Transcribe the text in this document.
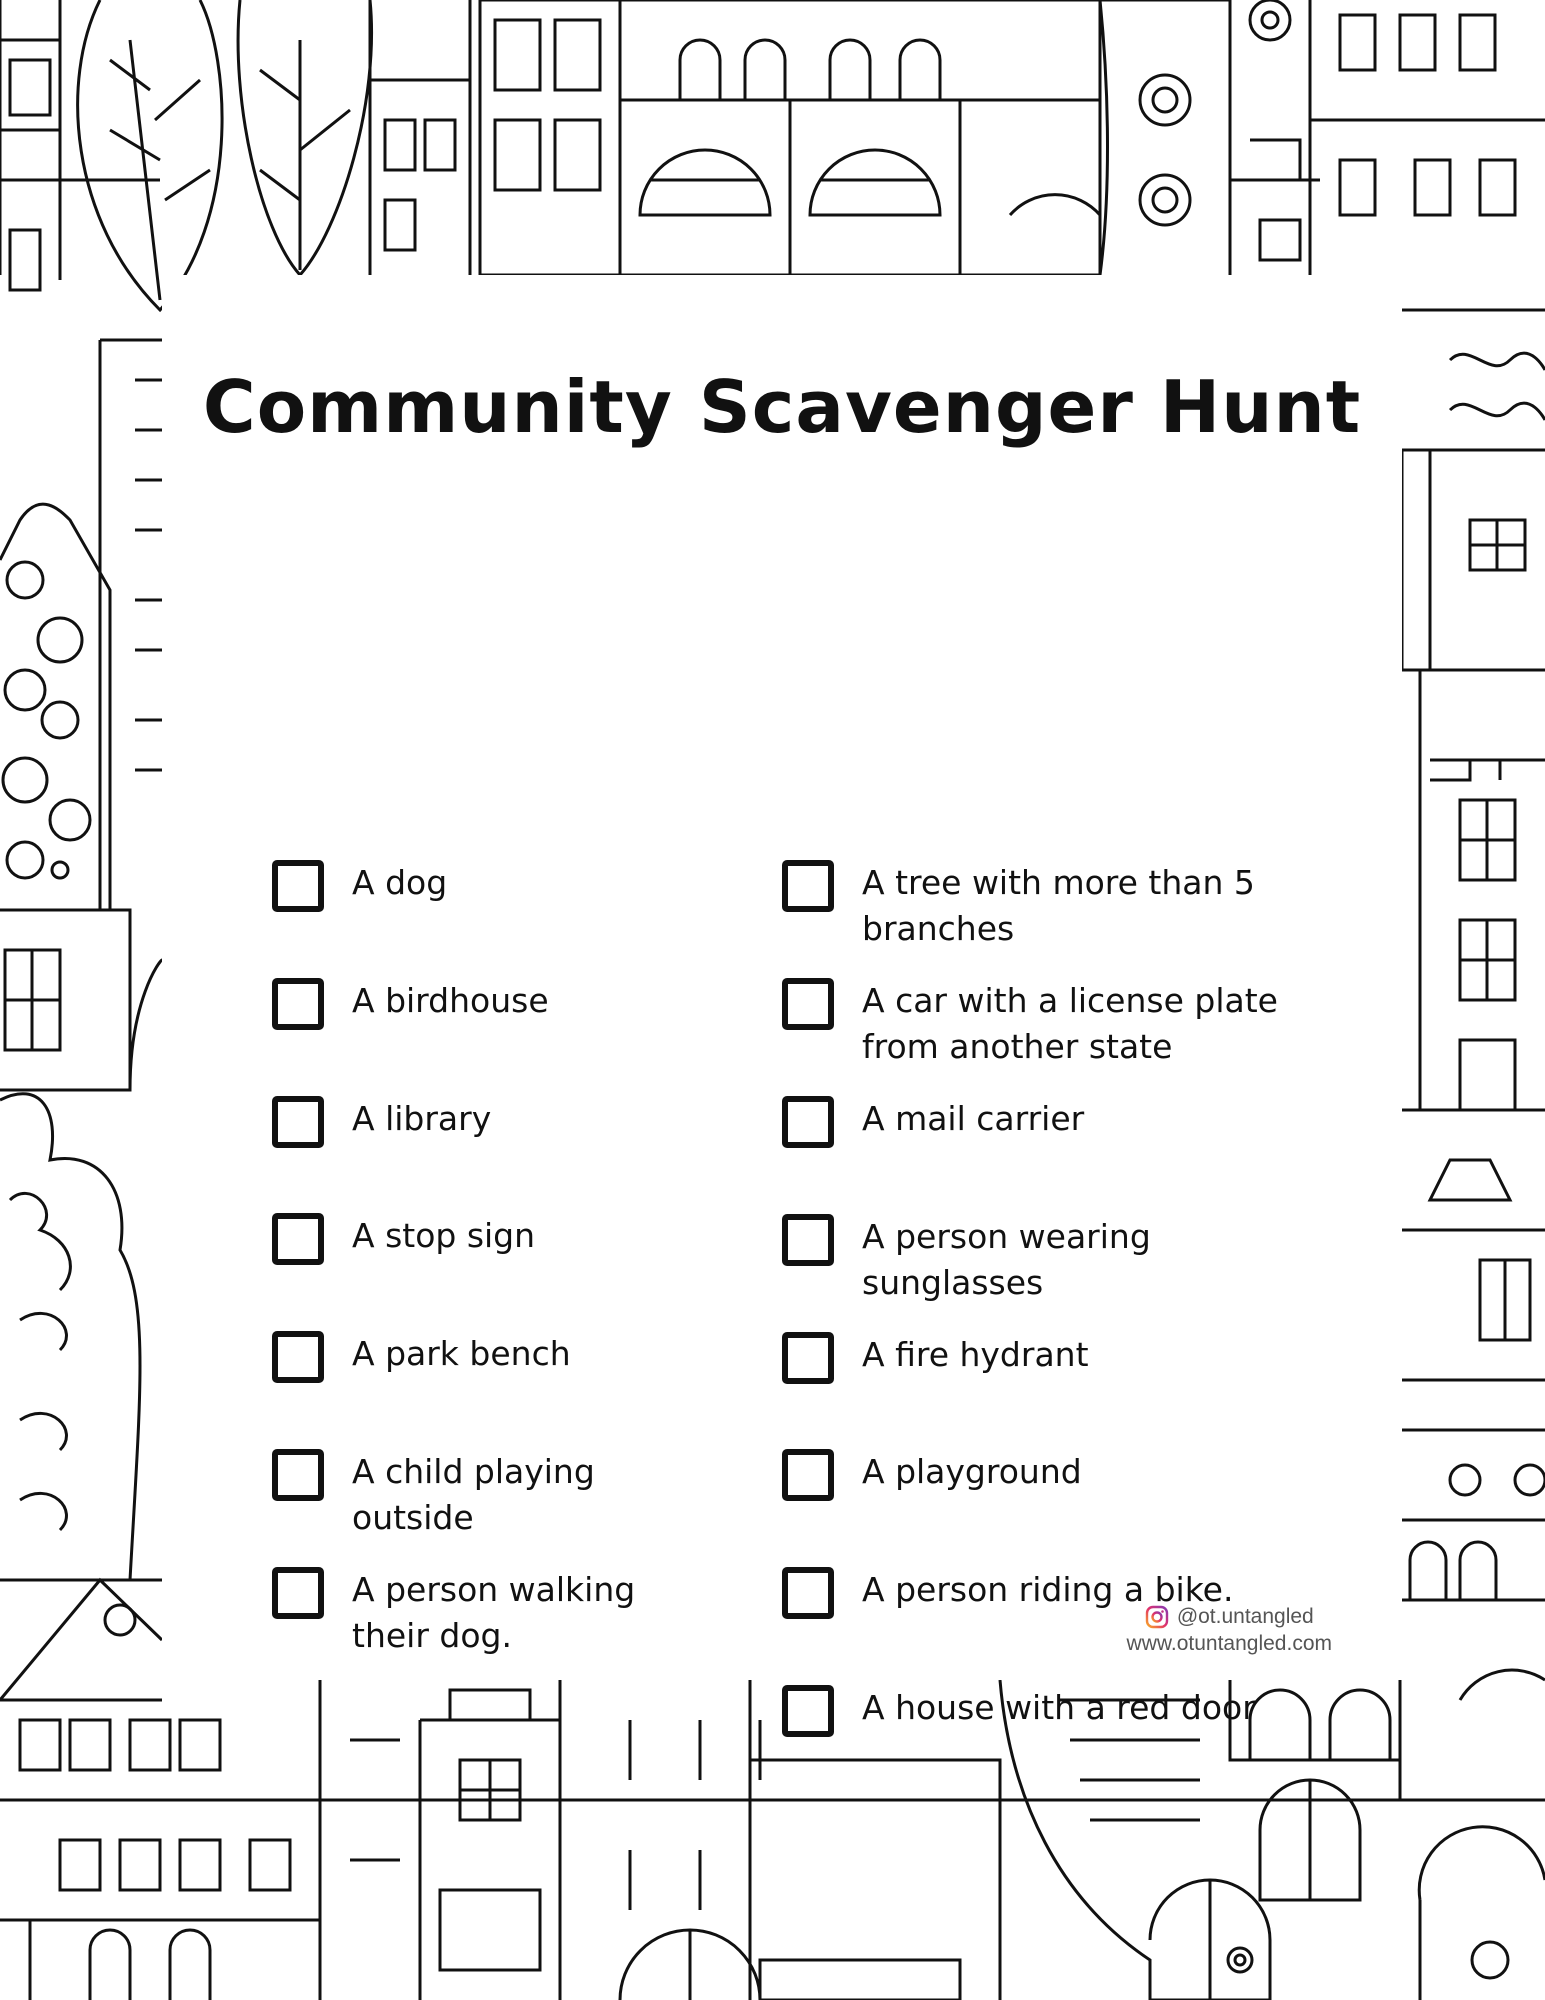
Community Scavenger Hunt
A dog
A birdhouse
A library
A stop sign
A park bench
A child playing outside
A person walking their dog.
A tree with more than 5 branches
A car with a license plate from another state
A mail carrier
A person wearing sunglasses
A fire hydrant
A playground
A person riding a bike.
A house with a red door
@ot.untangled
www.otuntangled.com
